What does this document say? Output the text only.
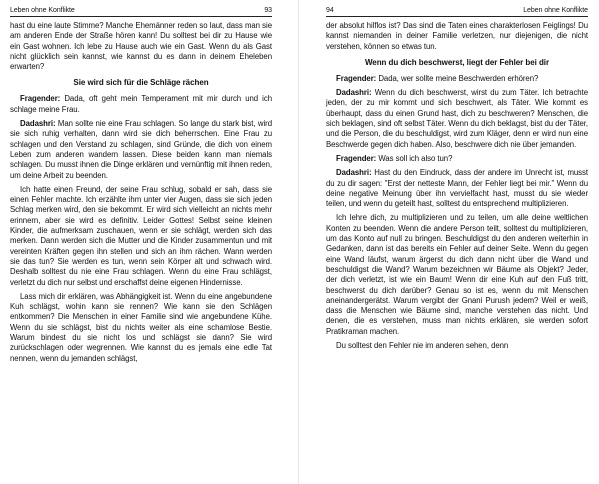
Leben ohne Konflikte	93

hast du eine laute Stimme? Manche Ehemänner reden so laut, dass man sie am anderen Ende der Straße hören kann! Du solltest bei dir zu Hause wie ein Gast wohnen. Ich lebe zu Hause auch wie ein Gast. Wenn du als Gast nicht glücklich sein kannst, wie kannst du es dann in deinem Eheleben erwarten?

Sie wird sich für die Schläge rächen

Fragender: Dada, oft geht mein Temperament mit mir durch und ich schlage meine Frau.

Dadashri: Man sollte nie eine Frau schlagen. So lange du stark bist, wird sie sich ruhig verhalten, dann wird sie dich beherrschen. Eine Frau zu schlagen und den Verstand zu schlagen, sind Gründe, die dich von einem Leben zum anderen wandern lassen. Diese beiden kann man niemals schlagen. Du musst ihnen die Dinge erklären und vernünftig mit ihnen reden, um deine Arbeit zu beenden.

Ich hatte einen Freund, der seine Frau schlug, sobald er sah, dass sie einen Fehler machte. Ich erzählte ihm unter vier Augen, dass sie sich jeden Schlag merken wird, den sie bekommt. Er wird sich vielleicht an nichts mehr erinnern, aber sie wird es definitiv. Leider Gottes! Selbst seine kleinen Kinder, die aufmerksam zuschauen, wenn er sie schlägt, werden sich das merken. Dann werden sich die Mutter und die Kinder zusammentun und mit vereinten Kräften gegen ihn stellen und sich an ihm rächen. Wann werden sie das tun? Sie werden es tun, wenn sein Körper alt und schwach wird. Deshalb solltest du nie eine Frau schlagen. Wenn du eine Frau schlägst, verletzt du dich nur selbst und erschaffst deine eigenen Hindernisse.

Lass mich dir erklären, was Abhängigkeit ist. Wenn du eine angebundene Kuh schlägst, wohin kann sie rennen? Wie kann sie den Schlägen entkommen? Die Menschen in einer Familie sind wie angebundene Kühe. Wenn du sie schlägst, bist du nichts weiter als eine schamlose Bestie. Warum bindest du sie nicht los und schlägst sie dann? Sie wird zurückschlagen oder wegrennen. Wie kannst du es jemals eine edle Tat nennen, wenn du jemanden schlägst,

94	Leben ohne Konflikte

der absolut hilflos ist? Das sind die Taten eines charakterlosen Feiglings! Du kannst niemanden in deiner Familie verletzen, nur diejenigen, die nicht verstehen, können so etwas tun.

Wenn du dich beschwerst, liegt der Fehler bei dir

Fragender: Dada, wer sollte meine Beschwerden erhören?

Dadashri: Wenn du dich beschwerst, wirst du zum Täter. Ich betrachte jeden, der zu mir kommt und sich beschwert, als Täter. Wie kommt es überhaupt, dass du einen Grund hast, dich zu beschweren? Menschen, die sich beklagen, sind oft selbst Täter. Wenn du dich beklagst, bist du der Täter, und die Person, die du beschuldigst, wird zum Kläger, denn er wird nun eine Beschwerde gegen dich haben. Also, beschwere dich nie über jemanden.

Fragender: Was soll ich also tun?

Dadashri: Hast du den Eindruck, dass der andere im Unrecht ist, musst du zu dir sagen: "Erst der netteste Mann, der Fehler liegt bei mir." Wenn du deine negative Meinung über ihn vervielfacht hast, musst du sie wieder teilen, und wenn du geteilt hast, solltest du entsprechend multiplizieren.

Ich lehre dich, zu multiplizieren und zu teilen, um alle deine weltlichen Konten zu beenden. Wenn die andere Person teilt, solltest du multiplizieren, um das Konto auf null zu bringen. Beschuldigst du den anderen weiterhin in Gedanken, dann ist das bereits ein Fehler auf deiner Seite. Wenn du gegen eine Wand läufst, warum ärgerst du dich dann nicht über die Wand und beschuldigst die Wand? Warum bezeichnen wir Bäume als Objekt? Jeder, der dich verletzt, ist wie ein Baum! Wenn dir eine Kuh auf den Fuß tritt, beschwerst du dich darüber? Genau so ist es, wenn du mit Menschen aneinandergerätst. Warum vergibt der Gnani Purush jedem? Weil er weiß, dass die Menschen wie Bäume sind, manche verstehen das nicht. Und denen, die es verstehen, muss man nichts erklären, sie werden sofort Pratikraman machen.

Du solltest den Fehler nie im anderen sehen, denn
